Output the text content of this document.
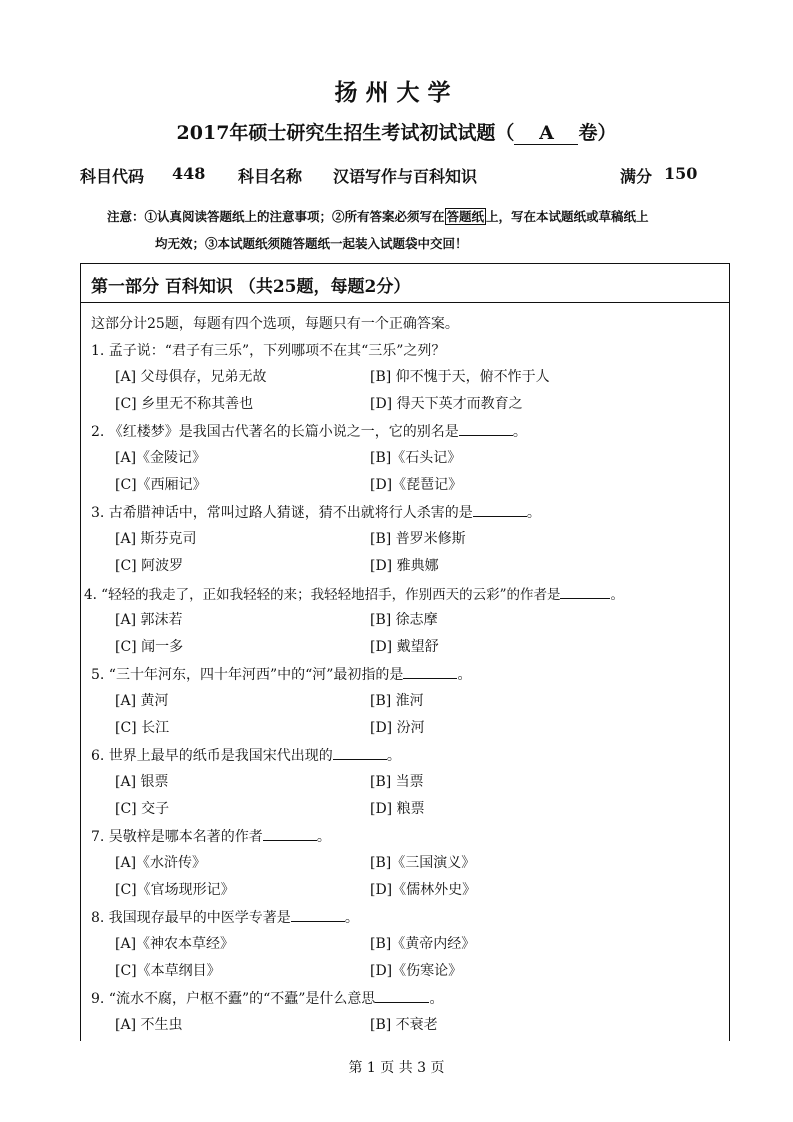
扬州大学
2017年硕士研究生招生考试初试试题（ A 卷）
科目代码 448 科目名称 汉语写作与百科知识	满分 150
注意：①认真阅读答题纸上的注意事项；②所有答案必须写在 答题纸 上，写在本试题纸或草稿纸上
均无效；③本试题纸须随答题纸一起装入试题袋中交回！
第一部分 百科知识 （共25题，每题2分）
这部分计25题，每题有四个选项，每题只有一个正确答案。
1. 孟子说：“君子有三乐”，下列哪项不在其“三乐”之列？
[A] 父母俱存，兄弟无故	[B] 仰不愧于天，俯不怍于人
[C] 乡里无不称其善也	[D] 得天下英才而教育之
2. 《红楼梦》是我国古代著名的长篇小说之一，它的别名是	。
[A]《金陵记》	[B]《石头记》
[C]《西厢记》	[D]《琵琶记》
3. 古希腊神话中，常叫过路人猜谜，猜不出就将行人杀害的是	。
[A] 斯芬克司	[B] 普罗米修斯
[C] 阿波罗	[D] 雅典娜
4. “轻轻的我走了，正如我轻轻的来；我轻轻地招手，作别西天的云彩”的作者是	。
[A] 郭沫若	[B] 徐志摩
[C] 闻一多	[D] 戴望舒
5. “三十年河东，四十年河西”中的“河”最初指的是	。
[A] 黄河	[B] 淮河
[C] 长江	[D] 汾河
6. 世界上最早的纸币是我国宋代出现的	。
[A] 银票	[B] 当票
[C] 交子	[D] 粮票
7. 吴敬梓是哪本名著的作者	。
[A]《水浒传》	[B]《三国演义》
[C]《官场现形记》	[D]《儒林外史》
8. 我国现存最早的中医学专著是	。
[A]《神农本草经》	[B]《黄帝内经》
[C]《本草纲目》	[D]《伤寒论》
9. “流水不腐，户枢不蠹”的“不蠹”是什么意思	。
[A] 不生虫	[B] 不衰老
第 1 页 共 3 页
